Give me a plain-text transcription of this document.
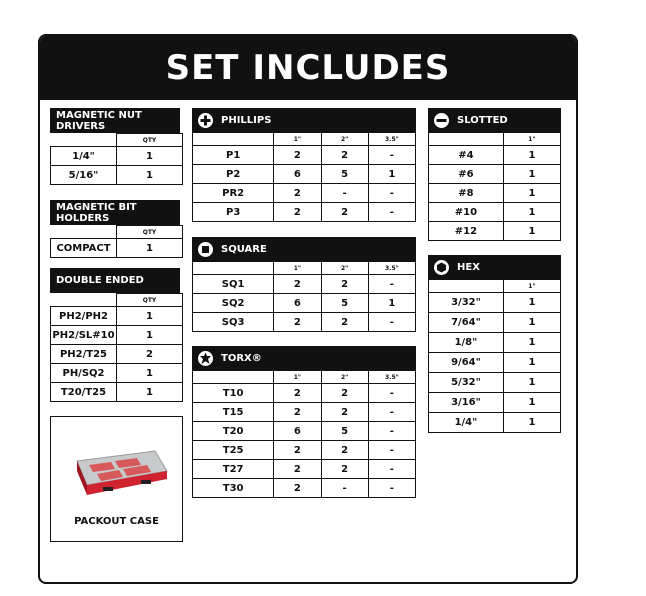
SET INCLUDES
MAGNETIC NUT DRIVERS
	QTY
1/4"	1
5/16"	1
MAGNETIC BIT HOLDERS
	QTY
COMPACT	1
DOUBLE ENDED
	QTY
PH2/PH2	1
PH2/SL#10	1
PH2/T25	2
PH/SQ2	1
T20/T25	1
PACKOUT CASE
PHILLIPS
	1"	2"	3.5"
P1	2	2	-
P2	6	5	1
PR2	2	-	-
P3	2	2	-
SQUARE
	1"	2"	3.5"
SQ1	2	2	-
SQ2	6	5	1
SQ3	2	2	-
TORX®
	1"	2"	3.5"
T10	2	2	-
T15	2	2	-
T20	6	5	-
T25	2	2	-
T27	2	2	-
T30	2	-	-
SLOTTED
	1"
#4	1
#6	1
#8	1
#10	1
#12	1
HEX
	1"
3/32"	1
7/64"	1
1/8"	1
9/64"	1
5/32"	1
3/16"	1
1/4"	1
